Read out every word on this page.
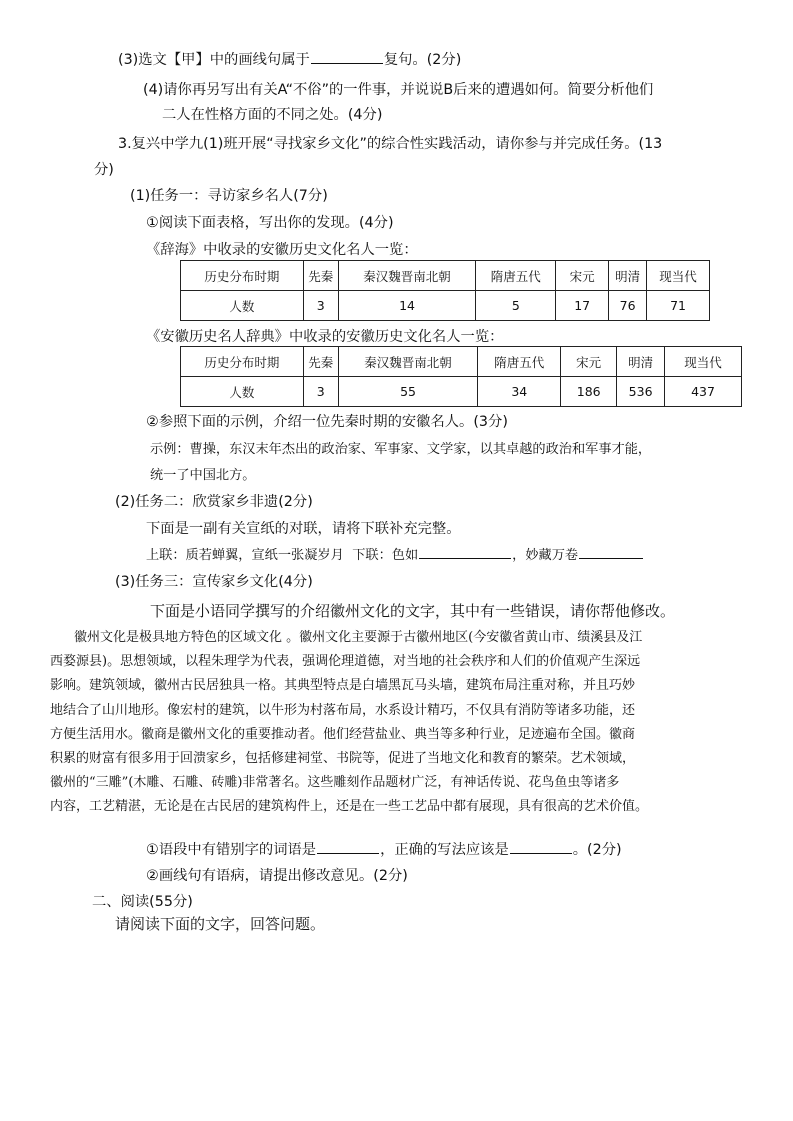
(3)选文【甲】中的画线句属于	复句。(2分)
(4)请你再另写出有关A“不俗”的一件事，并说说B后来的遭遇如何。简要分析他们
二人在性格方面的不同之处。(4分)
3.复兴中学九(1)班开展“寻找家乡文化”的综合性实践活动，请你参与并完成任务。(13
分)
(1)任务一：寻访家乡名人(7分)
①阅读下面表格，写出你的发现。(4分)
《辞海》中收录的安徽历史文化名人一览：
历史分布时期	先秦	秦汉魏晋南北朝	隋唐五代	宋元	明清	现当代
人数	3	14	5	17	76	71
《安徽历史名人辞典》中收录的安徽历史文化名人一览：
历史分布时期	先秦	秦汉魏晋南北朝	隋唐五代	宋元	明清	现当代
人数	3	55	34	186	536	437
②参照下面的示例，介绍一位先秦时期的安徽名人。(3分)
示例：曹操，东汉末年杰出的政治家、军事家、文学家，以其卓越的政治和军事才能，
统一了中国北方。
(2)任务二：欣赏家乡非遗(2分)
下面是一副有关宣纸的对联，请将下联补充完整。
上联：质若蝉翼，宣纸一张凝岁月 下联：色如	，妙藏万卷
(3)任务三：宣传家乡文化(4分)
下面是小语同学撰写的介绍徽州文化的文字，其中有一些错误，请你帮他修改。
徽州文化是极具地方特色的区域文化 。徽州文化主要源于古徽州地区(今安徽省黄山市、绩溪县及江
西婺源县)。思想领域，以程朱理学为代表，强调伦理道德，对当地的社会秩序和人们的价值观产生深远
影响。建筑领域，徽州古民居独具一格。其典型特点是白墙黑瓦马头墙，建筑布局注重对称，并且巧妙
地结合了山川地形。像宏村的建筑，以牛形为村落布局，水系设计精巧，不仅具有消防等诸多功能，还
方便生活用水。徽商是徽州文化的重要推动者。他们经营盐业、典当等多种行业，足迹遍布全国。徽商
积累的财富有很多用于回溃家乡，包括修建祠堂、书院等，促进了当地文化和教育的繁荣。艺术领域，
徽州的“三雕”(木雕、石雕、砖雕)非常著名。这些雕刻作品题材广泛，有神话传说、花鸟鱼虫等诸多
内容，工艺精湛，无论是在古民居的建筑构件上，还是在一些工艺品中都有展现，具有很高的艺术价值。
①语段中有错别字的词语是	，正确的写法应该是	。(2分)
②画线句有语病，请提出修改意见。(2分)
二、阅读(55分)
请阅读下面的文字，回答问题。
